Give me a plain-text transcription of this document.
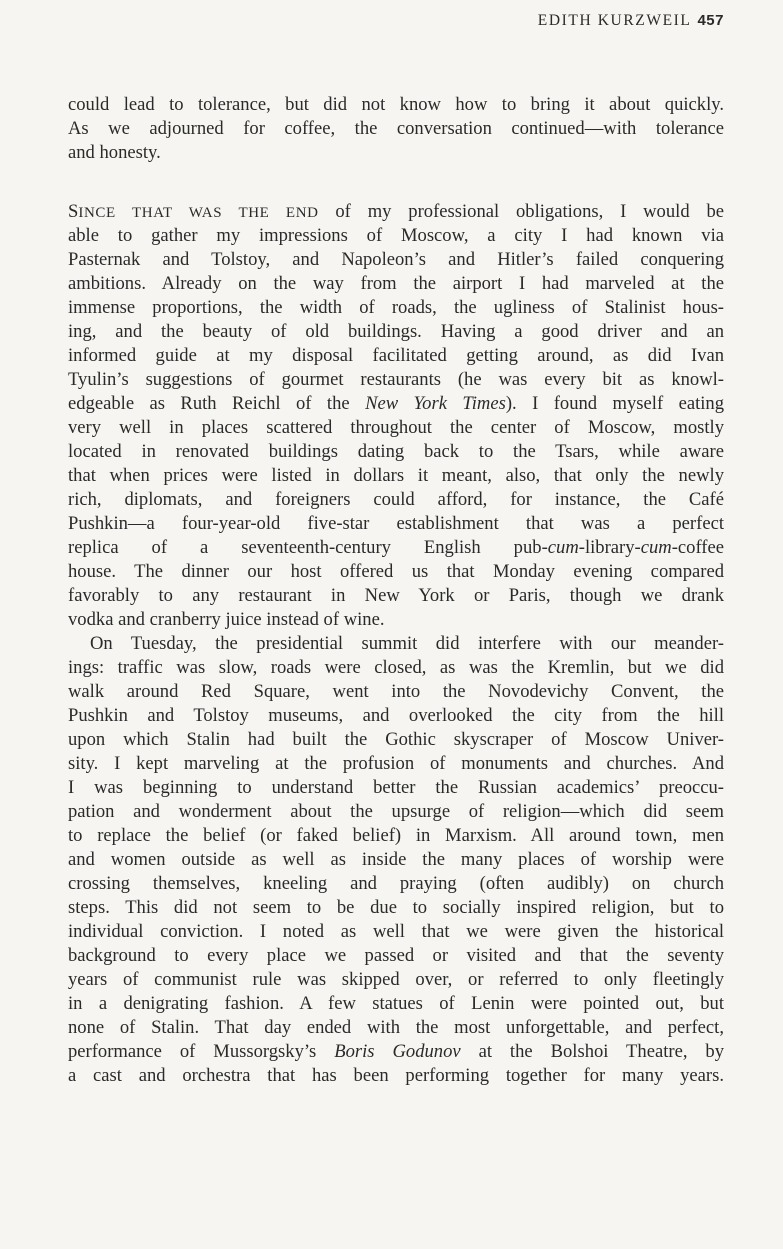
EDITH KURZWEIL 457
could lead to tolerance, but did not know how to bring it about quickly.
As we adjourned for coffee, the conversation continued—with tolerance
and honesty.
SINCE THAT WAS THE END of my professional obligations, I would be
able to gather my impressions of Moscow, a city I had known via
Pasternak and Tolstoy, and Napoleon’s and Hitler’s failed conquering
ambitions. Already on the way from the airport I had marveled at the
immense proportions, the width of roads, the ugliness of Stalinist hous-
ing, and the beauty of old buildings. Having a good driver and an
informed guide at my disposal facilitated getting around, as did Ivan
Tyulin’s suggestions of gourmet restaurants (he was every bit as knowl-
edgeable as Ruth Reichl of the New York Times). I found myself eating
very well in places scattered throughout the center of Moscow, mostly
located in renovated buildings dating back to the Tsars, while aware
that when prices were listed in dollars it meant, also, that only the newly
rich, diplomats, and foreigners could afford, for instance, the Café
Pushkin—a four-year-old five-star establishment that was a perfect
replica of a seventeenth-century English pub-cum-library-cum-coffee
house. The dinner our host offered us that Monday evening compared
favorably to any restaurant in New York or Paris, though we drank
vodka and cranberry juice instead of wine.
On Tuesday, the presidential summit did interfere with our meander-
ings: traffic was slow, roads were closed, as was the Kremlin, but we did
walk around Red Square, went into the Novodevichy Convent, the
Pushkin and Tolstoy museums, and overlooked the city from the hill
upon which Stalin had built the Gothic skyscraper of Moscow Univer-
sity. I kept marveling at the profusion of monuments and churches. And
I was beginning to understand better the Russian academics’ preoccu-
pation and wonderment about the upsurge of religion—which did seem
to replace the belief (or faked belief) in Marxism. All around town, men
and women outside as well as inside the many places of worship were
crossing themselves, kneeling and praying (often audibly) on church
steps. This did not seem to be due to socially inspired religion, but to
individual conviction. I noted as well that we were given the historical
background to every place we passed or visited and that the seventy
years of communist rule was skipped over, or referred to only fleetingly
in a denigrating fashion. A few statues of Lenin were pointed out, but
none of Stalin. That day ended with the most unforgettable, and perfect,
performance of Mussorgsky’s Boris Godunov at the Bolshoi Theatre, by
a cast and orchestra that has been performing together for many years.
